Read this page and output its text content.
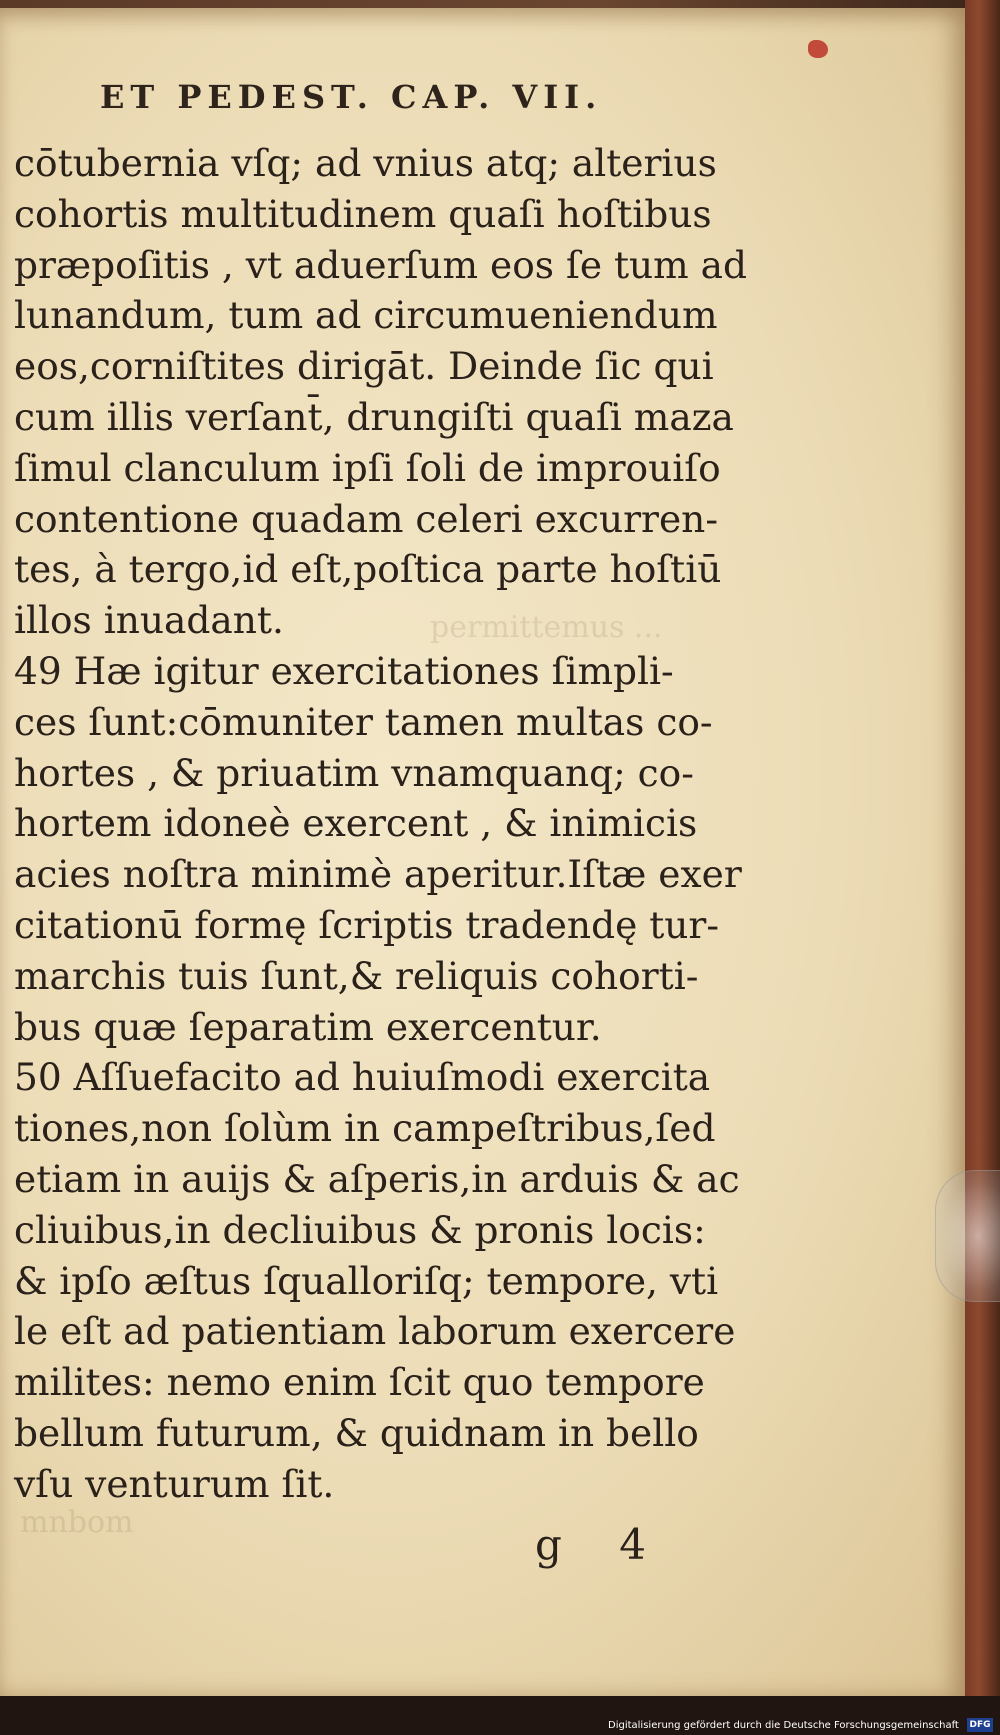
permittemus ...
mnbom
ET PEDEST. CAP. VII.
cōtubernia vſq; ad vnius atq; alterius
cohortis multitudinem quaſi hoſtibus
præpoſitis , vt aduerſum eos ſe tum ad
lunandum, tum ad circumueniendum
eos,corniſtites dirigāt. Deinde ſic qui
cum illis verſant̄, drungiſti quaſi maza
ſimul clanculum ipſi ſoli de improuiſo
contentione quadam celeri excurren-
tes, à tergo,id eſt,poſtica parte hoſtiū
illos inuadant.
49 Hæ igitur exercitationes ſimpli-
ces ſunt:cōmuniter tamen multas co-
hortes , & priuatim vnamquanq; co-
hortem idoneè exercent , & inimicis
acies noſtra minimè aperitur.Iſtæ exer
citationū formę ſcriptis tradendę tur-
marchis tuis ſunt,& reliquis cohorti-
bus quæ ſeparatim exercentur.
50 Aſſuefacito ad huiuſmodi exercita
tiones,non ſolùm in campeſtribus,ſed
etiam in auijs & aſperis,in arduis & ac
cliuibus,in decliuibus & pronis locis:
& ipſo æſtus ſqualloriſq; tempore, vti
le eſt ad patientiam laborum exercere
milites: nemo enim ſcit quo tempore
bellum futurum, & quidnam in bello
vſu venturum ſit.
g 4
Digitalisierung gefördert durch die Deutsche Forschungsgemeinschaft DFG
